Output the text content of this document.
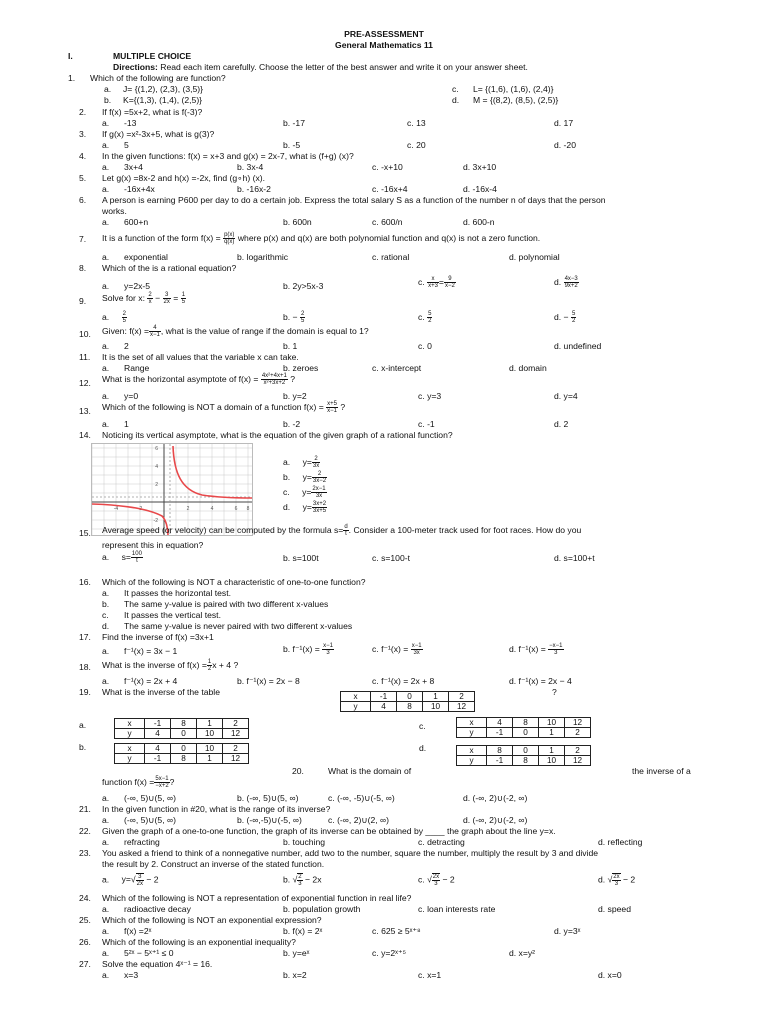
PRE-ASSESSMENT
General Mathematics 11
I.	MULTIPLE CHOICE
Directions: Read each item carefully. Choose the letter of the best answer and write it on your answer sheet.
1. Which of the following are function?
a. J= {(1,2), (2,3), (3,5)}
b. K={(1,3), (1,4), (2,5)}
c. L= {(1,6), (1,6), (2,4)}
d. M = {(8,2), (8,5), (2,5)}
2. If f(x) =5x+2, what is f(-3)?
a. -13	b. -17	c. 13	d. 17
3. If g(x) =x²-3x+5, what is g(3)?
a. 5	b. -5	c. 20	d. -20
4. In the given functions: f(x) = x+3 and g(x) = 2x-7, what is (f+g) (x)?
a. 3x+4	b. 3x-4	c. -x+10	d. 3x+10
5. Let g(x) =8x-2 and h(x) =-2x, find (g∘h) (x).
a. -16x+4x	b. -16x-2	c. -16x+4	d. -16x-4
6. A person is earning P600 per day to do a certain job. Express the total salary S as a function of the number n of days that the person
works.
a. 600+n	b. 600n	c. 600/n	d. 600-n
7. It is a function of the form $f(x) = \frac{p(x)}{q(x)}$ where p(x) and q(x) are both polynomial function and q(x) is not a zero function.
a. exponential	b. logarithmic	c. rational	d. polynomial
8. Which of the is a rational equation?
a. y=2x-5	b. 2y>5x-3	c. $\frac{x}{x+3} = \frac{9}{x-2}$	d. $\frac{4x-3}{9x+2}$
9. Solve for x: $\frac{2}{x} - \frac{3}{2x} = \frac{1}{5}$
a. $\frac{2}{5}$	b. − $\frac{2}{5}$	c. $\frac{5}{2}$	d. − $\frac{5}{2}$
10. Given: $f(x) = \frac{4}{x-1}$ , what is the value of range if the domain is equal to 1?
a. 2	b. 1	c. 0	d. undefined
11. It is the set of all values that the variable x can take.
a. Range	b. zeroes	c. x-intercept	d. domain
12. What is the horizontal asymptote of $f(x) = \frac{\text{4x²+4x+1}}{\text{x²+3x+2}}$ ?
a. y=0	b. y=2	c. y=3	d. y=4
13. Which of the following is NOT a domain of a function $f(x) = \frac{x+5}{x-1}$ ?
a. 1	b. -2	c. -1	d. 2
14. Noticing its vertical asymptote, what is the equation of the given graph of a rational function?
-4	-2	2	4	6 8
6
4
2
-2
a. $y= \frac{2}{3x}$
b. $y= \frac{2}{3x-2}$
c. $y= \frac{2x-1}{3x}$
d. $y= \frac{3x+2}{3x+5}$
15. Average speed (or velocity) can be computed by the formula $s= \frac{d}{t}$ . Consider a 100-meter track used for foot races. How do you
represent this in equation?
a. $s= \frac{100}{t}$	b. s=100t	c. s=100-t	d. s=100+t
16. Which of the following is NOT a characteristic of one-to-one function?
a. It passes the horizontal test.
b. The same y-value is paired with two different x-values
c. It passes the vertical test.
d. The same y-value is never paired with two different x-values
17. Find the inverse of f(x) =3x+1
a. f⁻¹(x) = 3x − 1	b. $f^{-1}(x) = \frac{x-1}{3}$	c. $f^{-1}(x) = \frac{x-1}{3x}$	d. $f^{-1}(x) = \frac{-x-1}{3}$
18. What is the inverse of $f(x) = \frac{1}{2}$ x + 4 ?
a. f⁻¹(x) = 2x + 4	b. f⁻¹(x) = 2x − 8	c. f⁻¹(x) = 2x + 8	d. f⁻¹(x) = 2x − 4
19. What is the inverse of the table	x	-1	0	1	2
y	4	8	10	12
?
a.	x	-1	8	1	2
y	4	0	10	12
b.	x	4	0	10	2
y	-1	8	1	12
c.	x	4	8	10	12
y	-1	0	1	2
d.	x	8	0	1	2
y	-1	8	10	12
20.	What is the domain of	the inverse of a
function $f(x) = \frac{5x-1}{-x+2}$ ?
a. (-∞, 5)∪(5, ∞)	b. (-∞, 5)∪(5, ∞)	c. (-∞, -5)∪(-5, ∞)	d. (-∞, 2)∪(-2, ∞)
21. In the given function in #20, what is the range of its inverse?
a. (-∞, 5)∪(5, ∞)	b. (-∞,-5)∪(-5, ∞)	c. (-∞, 2)∪(2, ∞)	d. (-∞, 2)∪(-2, ∞)
22. Given the graph of a one-to-one function, the graph of its inverse can be obtained by ____ the graph about the line y=x.
a. refracting	b. touching	c. detracting	d. reflecting
23. You asked a friend to think of a nonnegative number, add two to the number, square the number, multiply the result by 3 and divide
the result by 2. Construct an inverse of the stated function.
a. $y=√ \frac{3}{2x} - 2$	b. √ $\frac{2}{3} - 2x$	c. √ $\frac{2x}{3} - 2$	d. √ $\frac{2x}{3} - 2$
24. Which of the following is NOT a representation of exponential function in real life?
a. radioactive decay	b. population growth	c. loan interests rate	d. speed
25. Which of the following is NOT an exponential expression?
a. f(x) =2ˣ	b. f(x) = 2ˣ	c. 625 ≥ 5ˣ⁺⁸	d. y=3ˣ
26. Which of the following is an exponential inequality?
a. 5²ˣ − 5ˣ⁺¹ ≤ 0	b. y=eˣ	c. y=2ˣ⁺⁵	d. x=y²
27. Solve the equation 4ˣ⁻¹ = 16.
a. x=3	b. x=2	c. x=1	d. x=0
